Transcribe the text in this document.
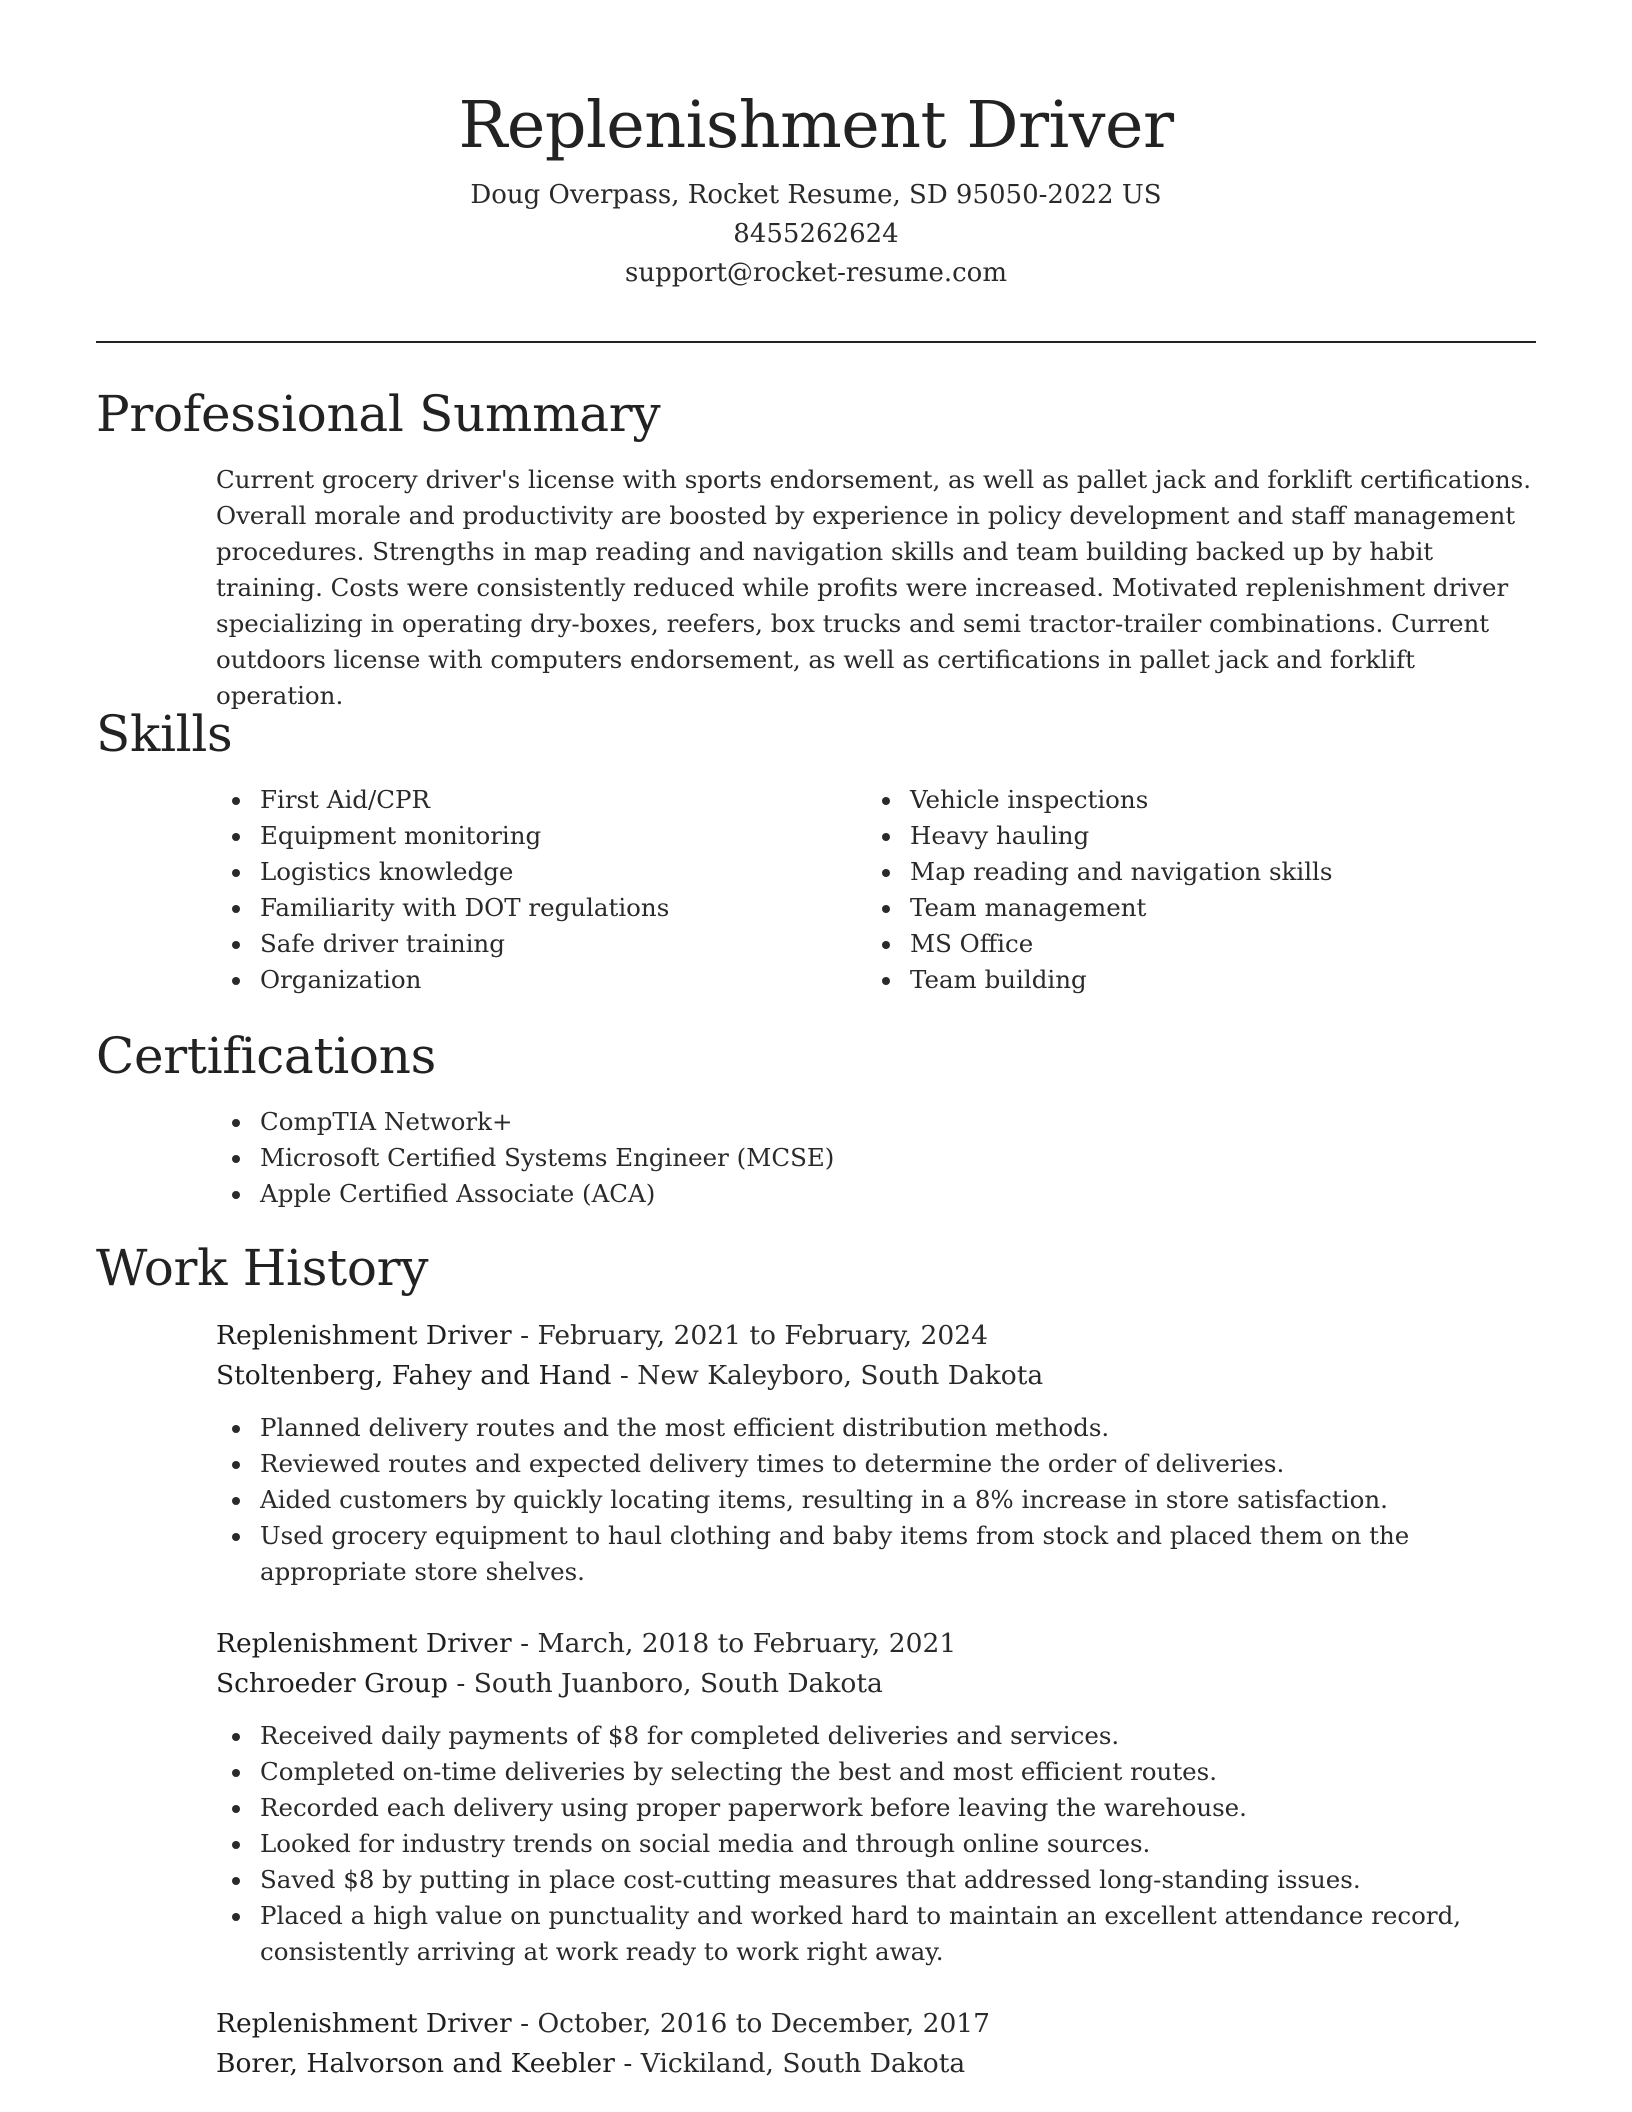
Replenishment Driver
Doug Overpass, Rocket Resume, SD 95050-2022 US
8455262624
support@rocket-resume.com
Professional Summary
Current grocery driver's license with sports endorsement, as well as pallet jack and forklift certifications. Overall morale and productivity are boosted by experience in policy development and staff management procedures. Strengths in map reading and navigation skills and team building backed up by habit training. Costs were consistently reduced while profits were increased. Motivated replenishment driver specializing in operating dry-boxes, reefers, box trucks and semi tractor-trailer combinations. Current outdoors license with computers endorsement, as well as certifications in pallet jack and forklift operation.
Skills
First Aid/CPR
Equipment monitoring
Logistics knowledge
Familiarity with DOT regulations
Safe driver training
Organization
Vehicle inspections
Heavy hauling
Map reading and navigation skills
Team management
MS Office
Team building
Certifications
CompTIA Network+
Microsoft Certified Systems Engineer (MCSE)
Apple Certified Associate (ACA)
Work History
Replenishment Driver - February, 2021 to February, 2024
Stoltenberg, Fahey and Hand - New Kaleyboro, South Dakota
Planned delivery routes and the most efficient distribution methods.
Reviewed routes and expected delivery times to determine the order of deliveries.
Aided customers by quickly locating items, resulting in a 8% increase in store satisfaction.
Used grocery equipment to haul clothing and baby items from stock and placed them on the appropriate store shelves.
Replenishment Driver - March, 2018 to February, 2021
Schroeder Group - South Juanboro, South Dakota
Received daily payments of $8 for completed deliveries and services.
Completed on-time deliveries by selecting the best and most efficient routes.
Recorded each delivery using proper paperwork before leaving the warehouse.
Looked for industry trends on social media and through online sources.
Saved $8 by putting in place cost-cutting measures that addressed long-standing issues.
Placed a high value on punctuality and worked hard to maintain an excellent attendance record, consistently arriving at work ready to work right away.
Replenishment Driver - October, 2016 to December, 2017
Borer, Halvorson and Keebler - Vickiland, South Dakota
